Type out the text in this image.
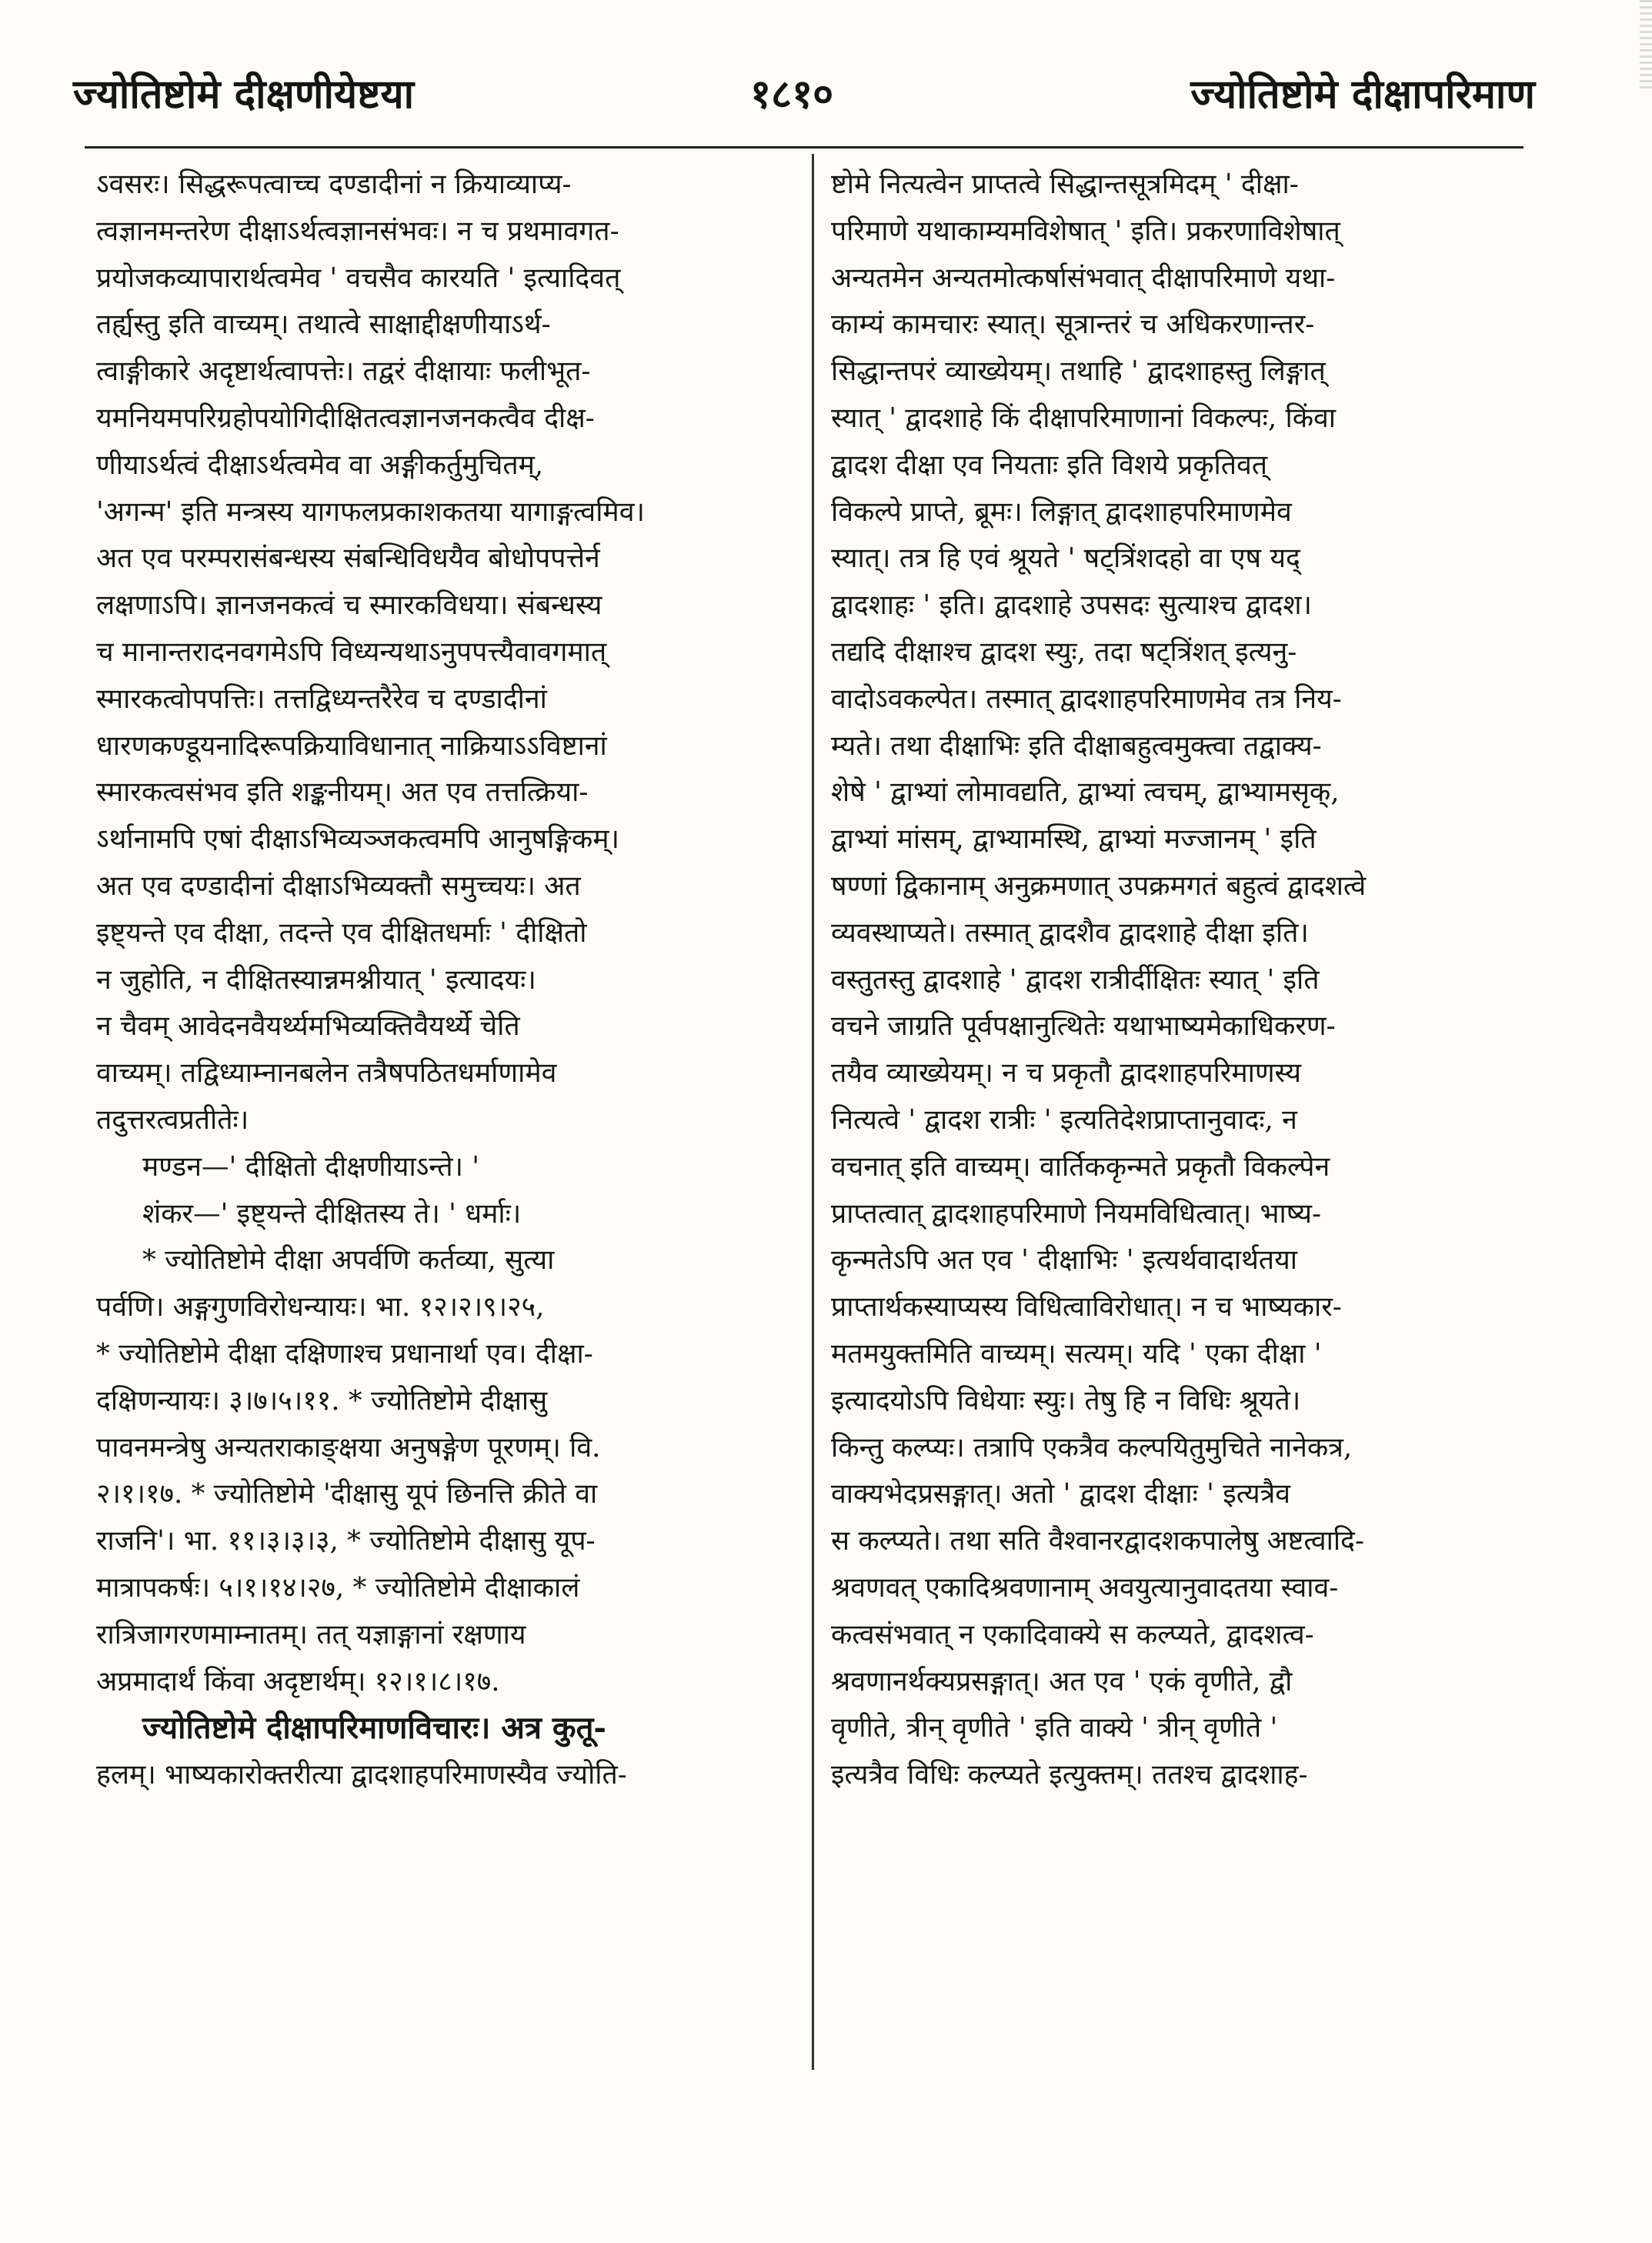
ज्योतिष्टोमे दीक्षणीयेष्टया	१८१०	ज्योतिष्टोमे दीक्षापरिमाण
ऽवसरः। सिद्धरूपत्वाच्च दण्डादीनां न क्रियाव्याप्य-
त्वज्ञानमन्तरेण दीक्षाऽर्थत्वज्ञानसंभवः। न च प्रथमावगत-
प्रयोजकव्यापारार्थत्वमेव ' वचसैव कारयति ' इत्यादिवत्
तर्ह्यस्तु इति वाच्यम्। तथात्वे साक्षाद्दीक्षणीयाऽर्थ-
त्वाङ्गीकारे अदृष्टार्थत्वापत्तेः। तद्वरं दीक्षायाः फलीभूत-
यमनियमपरिग्रहोपयोगिदीक्षितत्वज्ञानजनकत्वैव दीक्ष-
णीयाऽर्थत्वं दीक्षाऽर्थत्वमेव वा अङ्गीकर्तुमुचितम्,
'अगन्म' इति मन्त्रस्य यागफलप्रकाशकतया यागाङ्गत्वमिव।
अत एव परम्परासंबन्धस्य संबन्धिविधयैव बोधोपपत्तेर्न
लक्षणाऽपि। ज्ञानजनकत्वं च स्मारकविधया। संबन्धस्य
च मानान्तरादनवगमेऽपि विध्यन्यथाऽनुपपत्त्यैवावगमात्
स्मारकत्वोपपत्तिः। तत्तद्विध्यन्तरैरेव च दण्डादीनां
धारणकण्डूयनादिरूपक्रियाविधानात् नाक्रियाऽऽविष्टानां
स्मारकत्वसंभव इति शङ्कनीयम्। अत एव तत्तत्क्रिया-
ऽर्थानामपि एषां दीक्षाऽभिव्यञ्जकत्वमपि आनुषङ्गिकम्।
अत एव दण्डादीनां दीक्षाऽभिव्यक्तौ समुच्चयः। अत
इष्ट्यन्ते एव दीक्षा, तदन्ते एव दीक्षितधर्माः ' दीक्षितो
न जुहोति, न दीक्षितस्यान्नमश्नीयात् ' इत्यादयः।
न चैवम् आवेदनवैयर्थ्यमभिव्यक्तिवैयर्थ्ये चेति
वाच्यम्। तद्विध्याम्नानबलेन तत्रैषपठितधर्माणामेव
तदुत्तरत्वप्रतीतेः।
मण्डन—' दीक्षितो दीक्षणीयाऽन्ते। '
शंकर—' इष्ट्यन्ते दीक्षितस्य ते। ' धर्माः।
* ज्योतिष्टोमे दीक्षा अपर्वणि कर्तव्या, सुत्या
पर्वणि। अङ्गगुणविरोधन्यायः। भा. १२।२।९।२५,
* ज्योतिष्टोमे दीक्षा दक्षिणाश्च प्रधानार्था एव। दीक्षा-
दक्षिणन्यायः। ३।७।५।११. * ज्योतिष्टोमे दीक्षासु
पावनमन्त्रेषु अन्यतराकाङ्क्षया अनुषङ्गेण पूरणम्। वि.
२।१।१७. * ज्योतिष्टोमे 'दीक्षासु यूपं छिनत्ति क्रीते वा
राजनि'। भा. ११।३।३।३, * ज्योतिष्टोमे दीक्षासु यूप-
मात्रापकर्षः। ५।१।१४।२७, * ज्योतिष्टोमे दीक्षाकालं
रात्रिजागरणमाम्नातम्। तत् यज्ञाङ्गानां रक्षणाय
अप्रमादार्थं किंवा अदृष्टार्थम्। १२।१।८।१७.
ज्योतिष्टोमे दीक्षापरिमाणविचारः। अत्र कुतू-
हलम्। भाष्यकारोक्तरीत्या द्वादशाहपरिमाणस्यैव ज्योति-
ष्टोमे नित्यत्वेन प्राप्तत्वे सिद्धान्तसूत्रमिदम् ' दीक्षा-
परिमाणे यथाकाम्यमविशेषात् ' इति। प्रकरणाविशेषात्
अन्यतमेन अन्यतमोत्कर्षासंभवात् दीक्षापरिमाणे यथा-
काम्यं कामचारः स्यात्। सूत्रान्तरं च अधिकरणान्तर-
सिद्धान्तपरं व्याख्येयम्। तथाहि ' द्वादशाहस्तु लिङ्गात्
स्यात् ' द्वादशाहे किं दीक्षापरिमाणानां विकल्पः, किंवा
द्वादश दीक्षा एव नियताः इति विशये प्रकृतिवत्
विकल्पे प्राप्ते, ब्रूमः। लिङ्गात् द्वादशाहपरिमाणमेव
स्यात्। तत्र हि एवं श्रूयते ' षट्त्रिंशदहो वा एष यद्
द्वादशाहः ' इति। द्वादशाहे उपसदः सुत्याश्च द्वादश।
तद्यदि दीक्षाश्च द्वादश स्युः, तदा षट्त्रिंशत् इत्यनु-
वादोऽवकल्पेत। तस्मात् द्वादशाहपरिमाणमेव तत्र निय-
म्यते। तथा दीक्षाभिः इति दीक्षाबहुत्वमुक्त्वा तद्वाक्य-
शेषे ' द्वाभ्यां लोमावद्यति, द्वाभ्यां त्वचम्, द्वाभ्यामसृक्,
द्वाभ्यां मांसम्, द्वाभ्यामस्थि, द्वाभ्यां मज्जानम् ' इति
षण्णां द्विकानाम् अनुक्रमणात् उपक्रमगतं बहुत्वं द्वादशत्वे
व्यवस्थाप्यते। तस्मात् द्वादशैव द्वादशाहे दीक्षा इति।
वस्तुतस्तु द्वादशाहे ' द्वादश रात्रीर्दीक्षितः स्यात् ' इति
वचने जाग्रति पूर्वपक्षानुत्थितेः यथाभाष्यमेकाधिकरण-
तयैव व्याख्येयम्। न च प्रकृतौ द्वादशाहपरिमाणस्य
नित्यत्वे ' द्वादश रात्रीः ' इत्यतिदेशप्राप्तानुवादः, न
वचनात् इति वाच्यम्। वार्तिककृन्मते प्रकृतौ विकल्पेन
प्राप्तत्वात् द्वादशाहपरिमाणे नियमविधित्वात्। भाष्य-
कृन्मतेऽपि अत एव ' दीक्षाभिः ' इत्यर्थवादार्थतया
प्राप्तार्थकस्याप्यस्य विधित्वाविरोधात्। न च भाष्यकार-
मतमयुक्तमिति वाच्यम्। सत्यम्। यदि ' एका दीक्षा '
इत्यादयोऽपि विधेयाः स्युः। तेषु हि न विधिः श्रूयते।
किन्तु कल्प्यः। तत्रापि एकत्रैव कल्पयितुमुचिते नानेकत्र,
वाक्यभेदप्रसङ्गात्। अतो ' द्वादश दीक्षाः ' इत्यत्रैव
स कल्प्यते। तथा सति वैश्वानरद्वादशकपालेषु अष्टत्वादि-
श्रवणवत् एकादिश्रवणानाम् अवयुत्यानुवादतया स्वाव-
कत्वसंभवात् न एकादिवाक्ये स कल्प्यते, द्वादशत्व-
श्रवणानर्थक्यप्रसङ्गात्। अत एव ' एकं वृणीते, द्वौ
वृणीते, त्रीन् वृणीते ' इति वाक्ये ' त्रीन् वृणीते '
इत्यत्रैव विधिः कल्प्यते इत्युक्तम्। ततश्च द्वादशाह-
